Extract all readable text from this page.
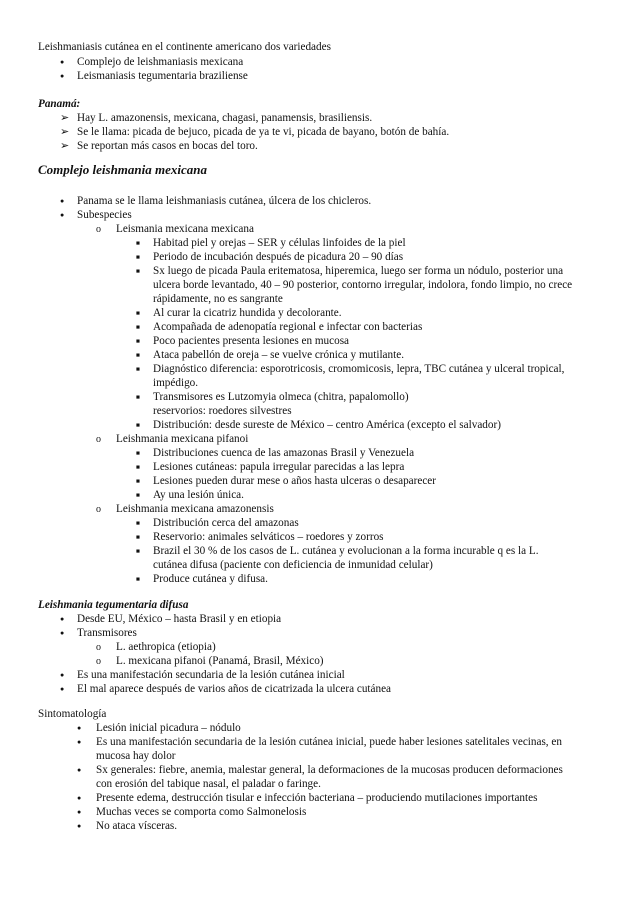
Leishmaniasis cutánea en el continente americano dos variedades
●
Complejo de leishmaniasis mexicana
●
Leismaniasis tegumentaria braziliense
Panamá:
➢
Hay L. amazonensis, mexicana, chagasi, panamensis, brasiliensis.
➢
Se le llama: picada de bejuco, picada de ya te vi, picada de bayano, botón de bahía.
➢
Se reportan más casos en bocas del toro.
Complejo leishmania mexicana
●
Panama se le llama leishmaniasis cutánea, úlcera de los chicleros.
●
Subespecies
o
Leismania mexicana mexicana
■
Habitad piel y orejas – SER y células linfoides de la piel
■
Periodo de incubación después de picadura 20 – 90 días
■
Sx luego de picada Paula eritematosa, hiperemica, luego ser forma un nódulo, posterior una
ulcera borde levantado, 40 – 90 posterior, contorno irregular, indolora, fondo limpio, no crece
rápidamente, no es sangrante
■
Al curar la cicatriz hundida y decolorante.
■
Acompañada de adenopatía regional e infectar con bacterias
■
Poco pacientes presenta lesiones en mucosa
■
Ataca pabellón de oreja – se vuelve crónica y mutilante.
■
Diagnóstico diferencia: esporotricosis, cromomicosis, lepra, TBC cutánea y ulceral tropical,
impédigo.
■
Transmisores es Lutzomyia olmeca (chitra, papalomollo)
reservorios: roedores silvestres
■
Distribución: desde sureste de México – centro América (excepto el salvador)
o
Leishmania mexicana pifanoi
■
Distribuciones cuenca de las amazonas Brasil y Venezuela
■
Lesiones cutáneas: papula irregular parecidas a las lepra
■
Lesiones pueden durar mese o años hasta ulceras o desaparecer
■
Ay una lesión única.
o
Leishmania mexicana amazonensis
■
Distribución cerca del amazonas
■
Reservorio: animales selváticos – roedores y zorros
■
Brazil el 30 % de los casos de L. cutánea y evolucionan a la forma incurable q es la L.
cutánea difusa (paciente con deficiencia de inmunidad celular)
■
Produce cutánea y difusa.
Leishmania tegumentaria difusa
●
Desde EU, México – hasta Brasil y en etiopia
●
Transmisores
o
L. aethropica (etiopia)
o
L. mexicana pifanoi (Panamá, Brasil, México)
●
Es una manifestación secundaria de la lesión cutánea inicial
●
El mal aparece después de varios años de cicatrizada la ulcera cutánea
Sintomatología
●
Lesión inicial picadura – nódulo
●
Es una manifestación secundaria de la lesión cutánea inicial, puede haber lesiones satelitales vecinas, en
mucosa hay dolor
●
Sx generales: fiebre, anemia, malestar general, la deformaciones de la mucosas producen deformaciones
con erosión del tabique nasal, el paladar o faringe.
●
Presente edema, destrucción tisular e infección bacteriana – produciendo mutilaciones importantes
●
Muchas veces se comporta como Salmonelosis
●
No ataca vísceras.
